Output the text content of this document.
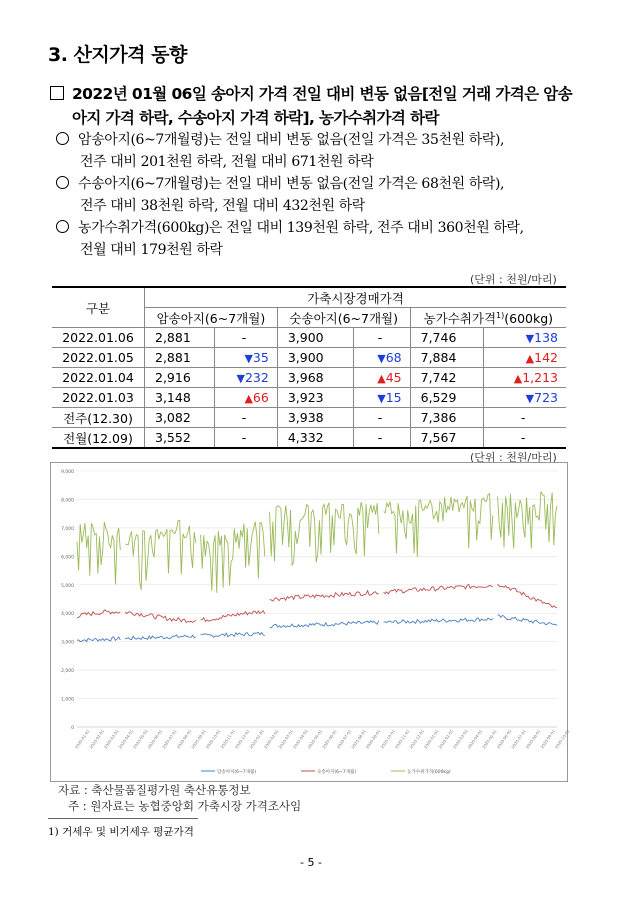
3. 산지가격 동향
2022년 01월 06일 송아지 가격 전일 대비 변동 없음[전일 거래 가격은 암송
아지 가격 하락, 수송아지 가격 하락], 농가수취가격 하락
암송아지(6~7개월령)는 전일 대비 변동 없음(전일 가격은 35천원 하락),
전주 대비 201천원 하락, 전월 대비 671천원 하락
수송아지(6~7개월령)는 전일 대비 변동 없음(전일 가격은 68천원 하락),
전주 대비 38천원 하락, 전월 대비 432천원 하락
농가수취가격(600kg)은 전일 대비 139천원 하락, 전주 대비 360천원 하락,
전월 대비 179천원 하락
(단위 : 천원/마리)
구분	가축시장경매가격					
	암송아지(6~7개월)		숫송아지(6~7개월)		농가수취가격$^{1)}$(600kg)	
2022.01.06	2,881	-	3,900	-	7,746	▼138
2022.01.05	2,881	▼35	3,900	▼68	7,884	▲142
2022.01.04	2,916	▼232	3,968	▲45	7,742	▲1,213
2022.01.03	3,148	▲66	3,923	▼15	6,529	▼723
전주(12.30)	3,082	-	3,938	-	7,386	-
전월(12.09)	3,552	-	4,332	-	7,567	-
(단위 : 천원/마리)
0
1,000
2,000
3,000
4,000
5,000
6,000
7,000
8,000
9,000
2020-01-01
2020-02-01
2020-03-01
2020-04-01
2020-05-01
2020-06-01
2020-07-01
2020-08-01
2020-09-01
2020-10-01
2020-11-01
2020-12-01
2020-01-01
2020-02-01
2020-03-01
2020-04-01
2020-05-01
2020-06-01
2020-07-01
2020-08-01
2020-09-01
2020-10-01
2020-11-01
2020-12-01
2020-01-01
2020-02-01
2020-03-01
2020-04-01
2020-05-01
2020-06-01
2020-07-01
2020-08-01
2020-09-01
2020-10-01
암송아지(6~7개월)	숫송아지(6~7개월)	농가수취가격(600kg)
자료 : 축산물품질평가원 축산유통정보
주 : 원자료는 농협중앙회 가축시장 가격조사임
1) 거세우 및 비거세우 평균가격
- 5 -
